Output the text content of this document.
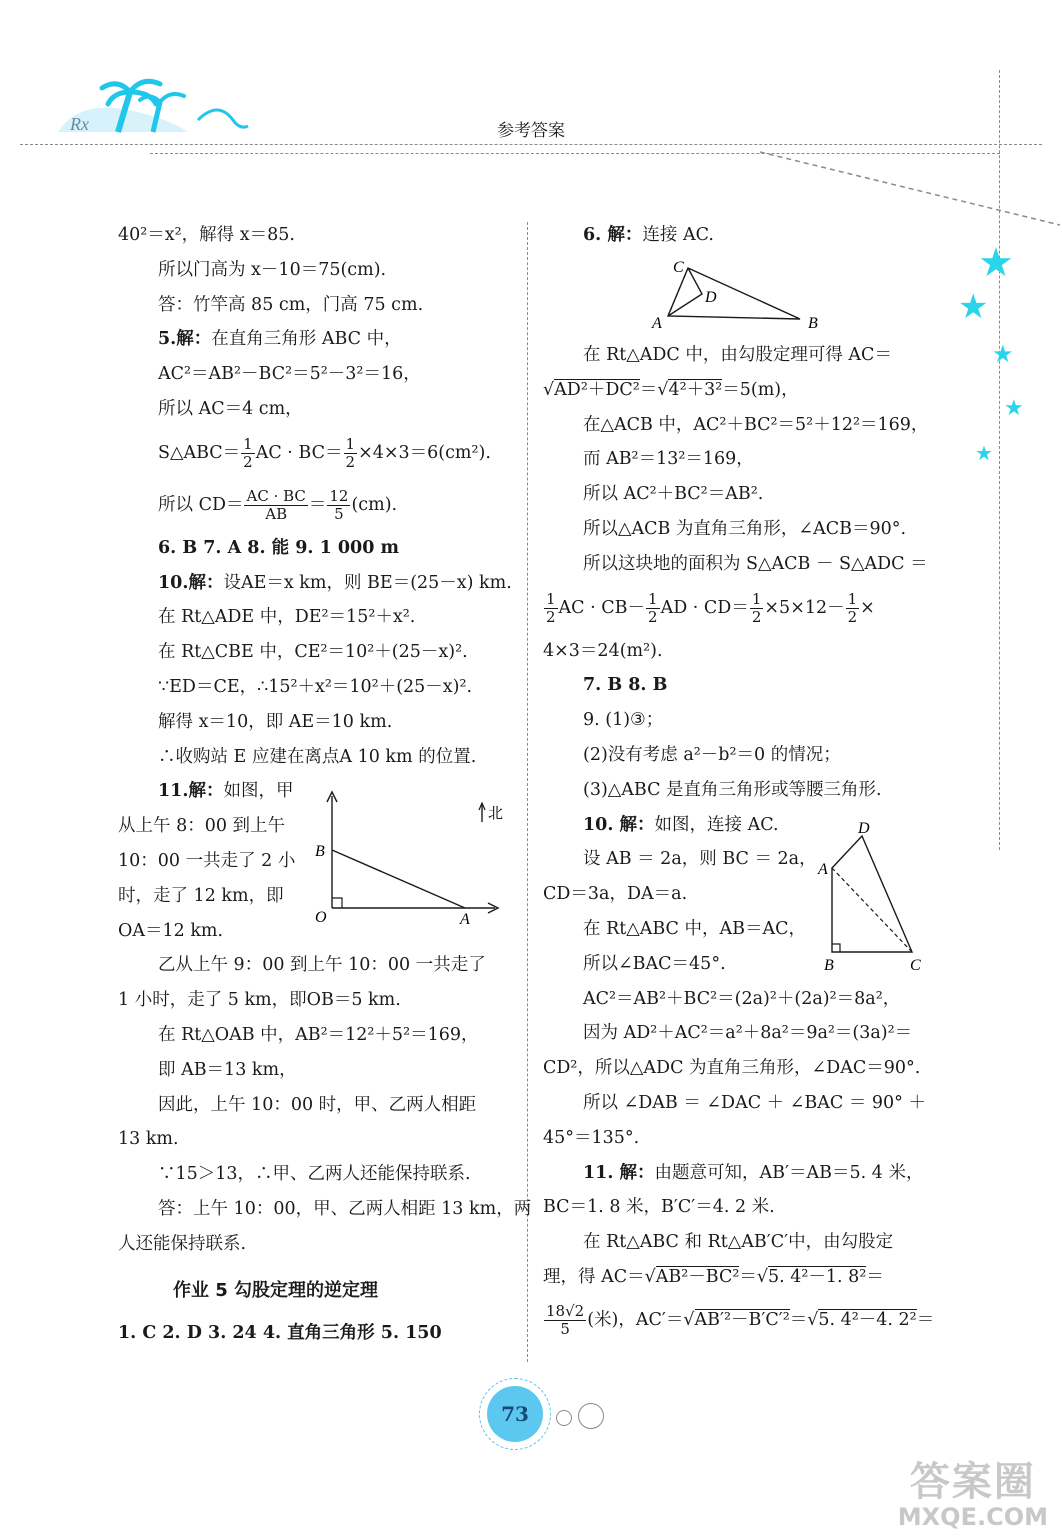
Rx	参考答案
★
★
★
★
★

40²＝x²，解得 x＝85.

所以门高为 x－10＝75(cm).

答：竹竿高 85 cm，门高 75 cm.

5.解：在直角三角形 ABC 中，

AC²＝AB²－BC²＝5²－3²＝16，

所以 AC＝4 cm，

S△ABC＝ $\frac{1}{2}$ AC · $BC= \frac{1}{2} \times 4\times 3=6(cm^2)$.

所以 $CD= \frac{AC \cdot BC}{AB} = \frac{12}{5} (cm)$.

6. B 7. A 8. 能 9. 1 000 m

10.解：设AE＝x km，则 BE＝(25－x) km.

在 Rt△ADE 中，DE²＝15²＋x².

在 Rt△CBE 中，CE²＝10²＋(25－x)².

∵ED＝CE，∴15²＋x²＝10²＋(25－x)².

解得 x＝10，即 AE＝10 km.

∴收购站 E 应建在离点A 10 km 的位置.

11.解：如图，甲

从上午 8：00 到上午

10：00 一共走了 2 小

时，走了 12 km，即

OA＝12 km.

乙从上午 9：00 到上午 10：00 一共走了

1 小时，走了 5 km，即OB＝5 km.

在 Rt△OAB 中，AB²＝12²＋5²＝169，

即 AB＝13 km，

因此，上午 10：00 时，甲、乙两人相距

13 km.

∵15＞13，∴甲、乙两人还能保持联系.

答：上午 10：00，甲、乙两人相距 13 km，两

人还能保持联系.

作业 5 勾股定理的逆定理

1. C 2. D 3. 24 4. 直角三角形 5. 150

北
B
O	A
C
D
A	B
D
A
B	C

6. 解：连接 AC.

在 Rt△ADC 中，由勾股定理可得 AC＝

√AD²＋DC²＝√4²＋3²＝5(m)，

在△ACB 中，AC²＋BC²＝5²＋12²＝169，

而 AB²＝13²＝169，

所以 AC²＋BC²＝AB².

所以△ACB 为直角三角形，∠ACB＝90°.

所以这块地的面积为 S△ACB － S△ADC ＝

$\frac{1}{2}$ AC · $CB- \frac{1}{2}$ AD · $CD= \frac{1}{2} \times 5\times 12- \frac{1}{2}$ ×

4×3＝24(m²).

7. B 8. B

9. (1)③；

(2)没有考虑 a²－b²＝0 的情况；

(3)△ABC 是直角三角形或等腰三角形.

10. 解：如图，连接 AC.

设 AB ＝ 2a，则 BC ＝ 2a，

CD＝3a，DA＝a.

在 Rt△ABC 中，AB＝AC，

所以∠BAC＝45°.

AC²＝AB²＋BC²＝(2a)²＋(2a)²＝8a²，

因为 AD²＋AC²＝a²＋8a²＝9a²＝(3a)²＝

CD²，所以△ADC 为直角三角形，∠DAC＝90°.

所以 ∠DAB ＝ ∠DAC ＋ ∠BAC ＝ 90° ＋

45°＝135°.

11. 解：由题意可知，AB′＝AB＝5. 4 米，

BC＝1. 8 米，B′C′＝4. 2 米.

在 Rt△ABC 和 Rt△AB′C′中，由勾股定

理，得 AC＝√AB²－BC²＝√5. 4²－1. 8²＝

$\frac{18√2}{5}$ (米)，AC′＝√AB′²－B′C′²＝√5. 4²－4. 2²＝

73
答案圈
MXQE.COM
